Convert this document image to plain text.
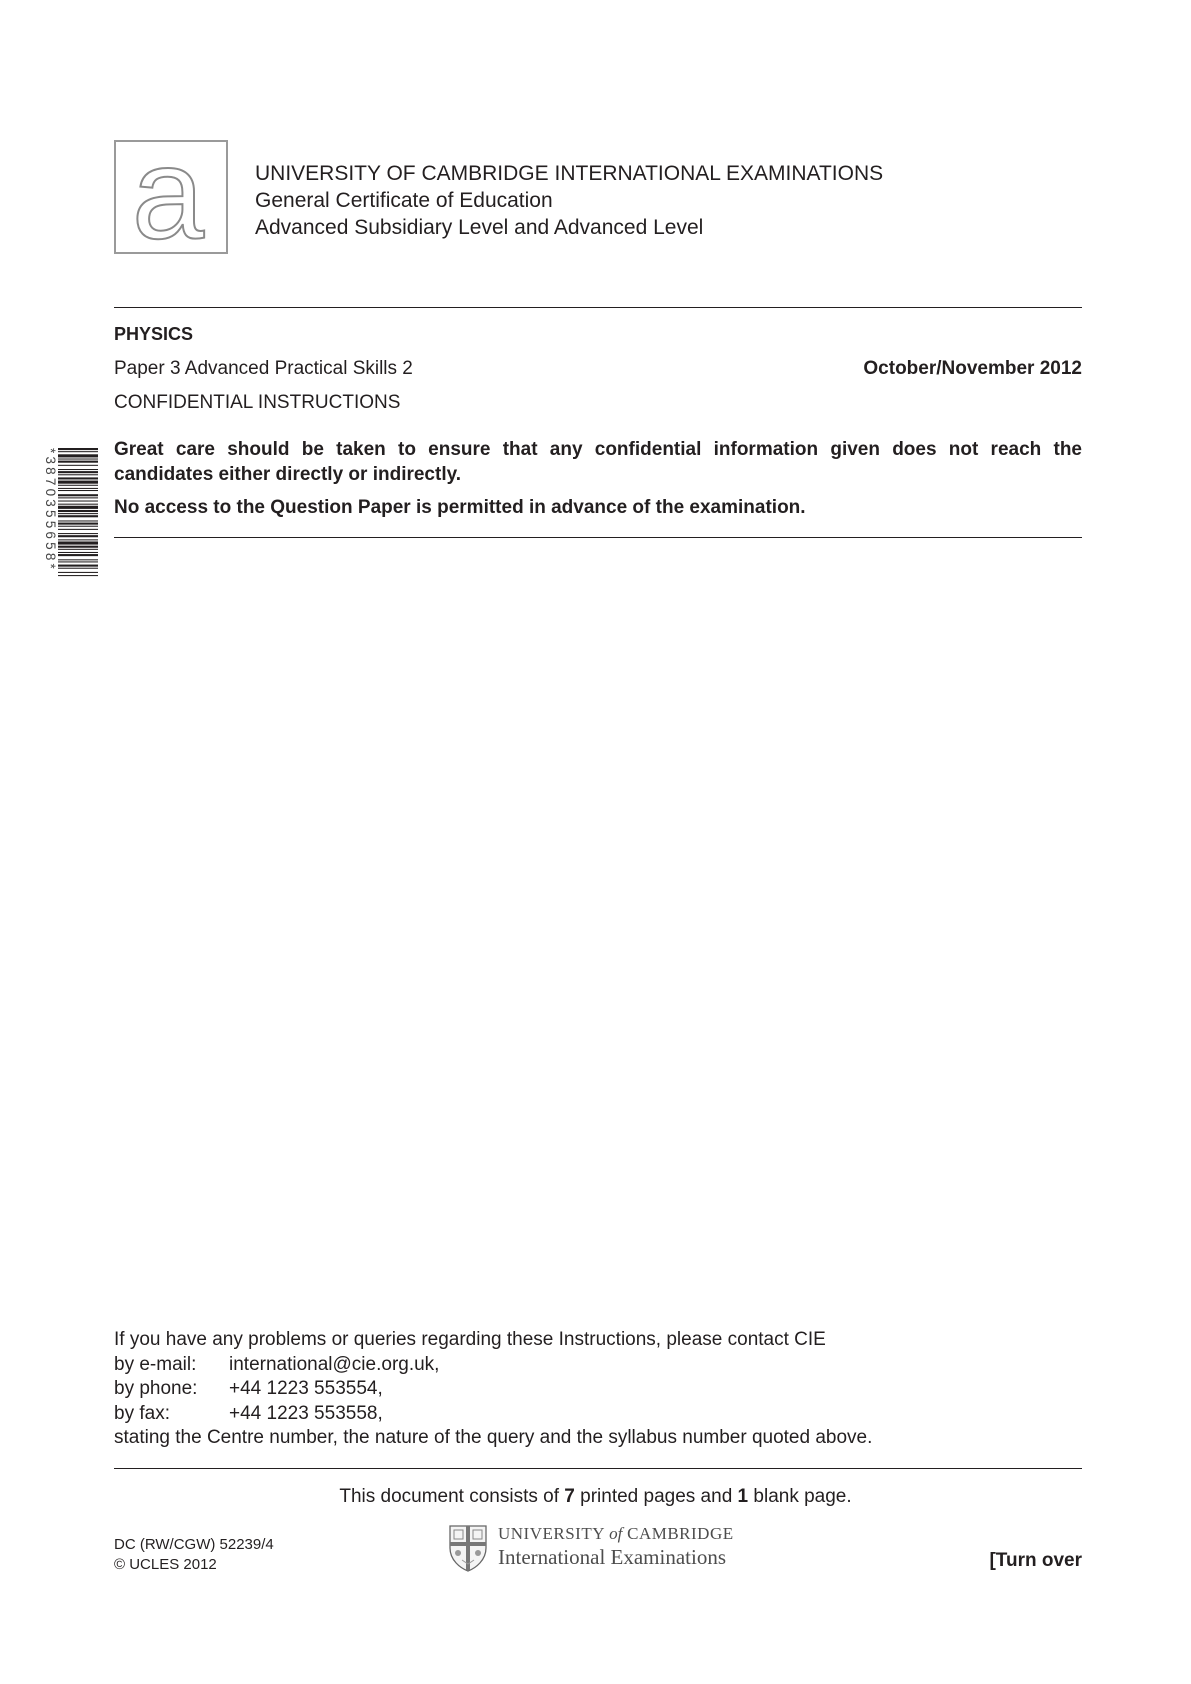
a UNIVERSITY OF CAMBRIDGE INTERNATIONAL EXAMINATIONS
General Certificate of Education
Advanced Subsidiary Level and Advanced Level
PHYSICS
Paper 3 Advanced Practical Skills 2	October/November 2012
CONFIDENTIAL INSTRUCTIONS
Great care should be taken to ensure that any confidential information given does not reach the candidates either directly or indirectly.
No access to the Question Paper is permitted in advance of the examination.
*3870355658*
If you have any problems or queries regarding these Instructions, please contact CIE
by e-mail: international@cie.org.uk,
by phone: +44 1223 553554,
by fax:	+44 1223 553558,
stating the Centre number, the nature of the query and the syllabus number quoted above.
This document consists of 7 printed pages and 1 blank page.
DC (RW/CGW) 52239/4
© UCLES 2012
UNIVERSITY of CAMBRIDGE
International Examinations	[Turn over
